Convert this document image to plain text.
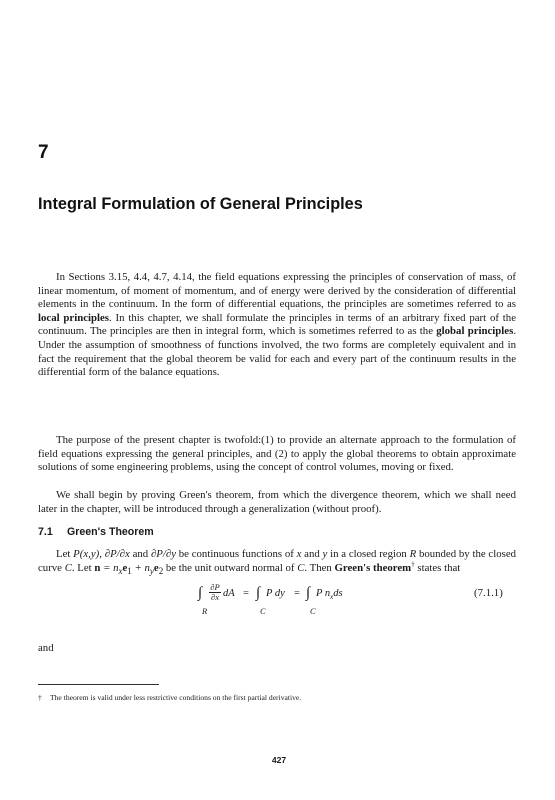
7
Integral Formulation of General Principles
In Sections 3.15, 4.4, 4.7, 4.14, the field equations expressing the principles of conservation of mass, of linear momentum, of moment of momentum, and of energy were derived by the consideration of differential elements in the continuum. In the form of differential equations, the principles are sometimes referred to as local principles. In this chapter, we shall formulate the principles in terms of an arbitrary fixed part of the continuum. The principles are then in integral form, which is sometimes referred to as the global principles. Under the assumption of smoothness of functions involved, the two forms are completely equivalent and in fact the requirement that the global theorem be valid for each and every part of the continuum results in the differential form of the balance equations.
The purpose of the present chapter is twofold:(1) to provide an alternate approach to the formulation of field equations expressing the general principles, and (2) to apply the global theorems to obtain approximate solutions of some engineering problems, using the concept of control volumes, moving or fixed.
We shall begin by proving Green's theorem, from which the divergence theorem, which we shall need later in the chapter, will be introduced through a generalization (without proof).
7.1 Green's Theorem
Let P(x,y), ∂P/∂x and ∂P/∂y be continuous functions of x and y in a closed region R bounded by the closed curve C. Let $n = n_xe_1 + n_ye_2$ be the unit outward normal of C. Then Green's theorem† states that
∫ ∂P
∂x dA = ∫ P dy = ∫ P $n_xds$
R	C	C
(7.1.1)
and
† The theorem is valid under less restrictive conditions on the first partial derivative.
427
